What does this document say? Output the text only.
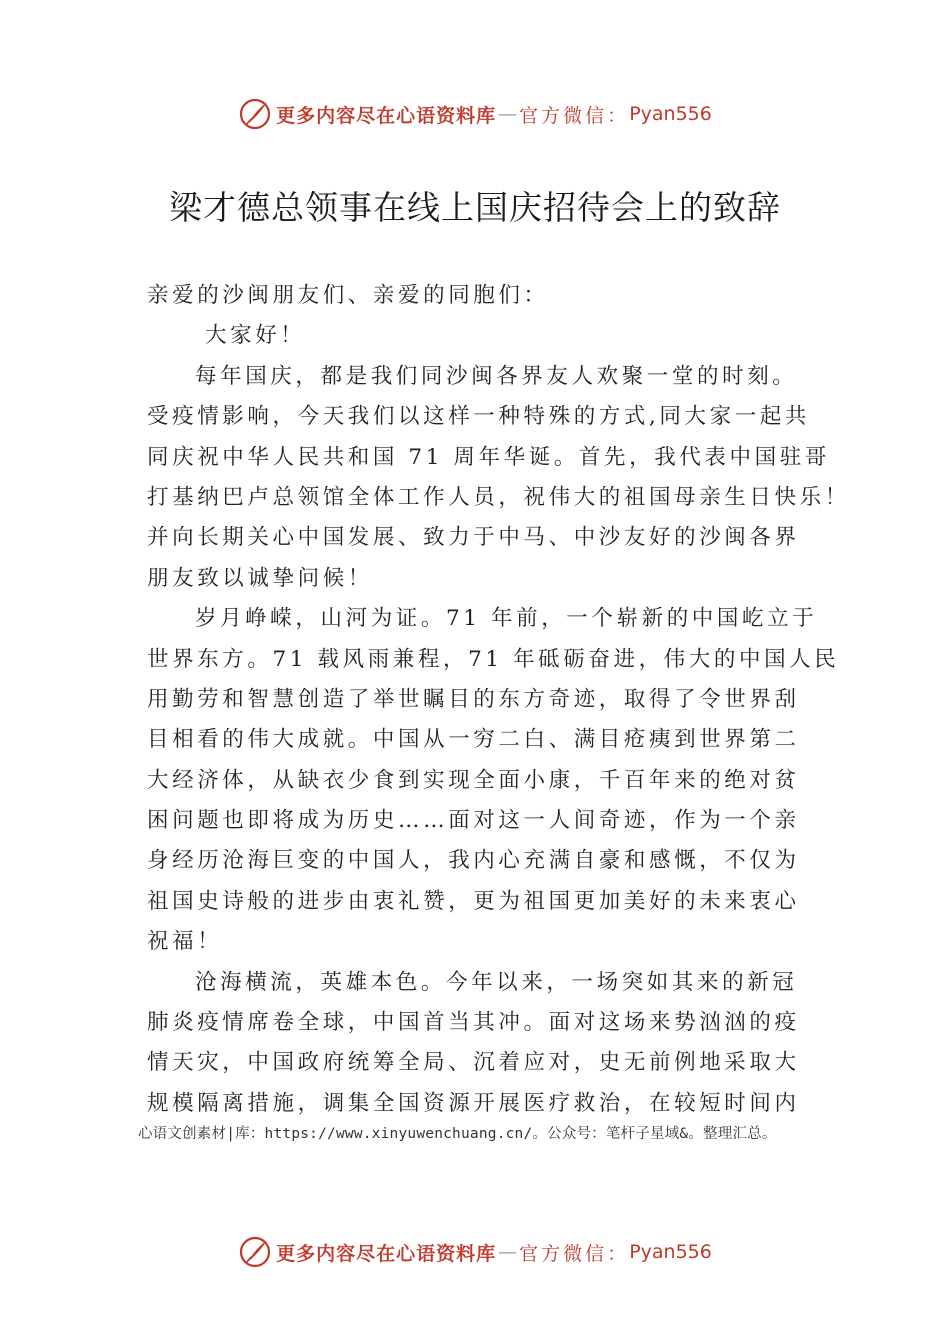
更多内容尽在心语资料库 — 官方微信： Pyan556
梁才德总领事在线上国庆招待会上的致辞
亲爱的沙闽朋友们、亲爱的同胞们：
大家好！
每年国庆，都是我们同沙闽各界友人欢聚一堂的时刻。
受疫情影响，今天我们以这样一种特殊的方式,同大家一起共
同庆祝中华人民共和国 71 周年华诞。首先，我代表中国驻哥
打基纳巴卢总领馆全体工作人员，祝伟大的祖国母亲生日快乐！
并向长期关心中国发展、致力于中马、中沙友好的沙闽各界
朋友致以诚挚问候！
岁月峥嵘，山河为证。71 年前，一个崭新的中国屹立于
世界东方。71 载风雨兼程，71 年砥砺奋进，伟大的中国人民
用勤劳和智慧创造了举世瞩目的东方奇迹，取得了令世界刮
目相看的伟大成就。中国从一穷二白、满目疮痍到世界第二
大经济体，从缺衣少食到实现全面小康，千百年来的绝对贫
困问题也即将成为历史……面对这一人间奇迹，作为一个亲
身经历沧海巨变的中国人，我内心充满自豪和感慨，不仅为
祖国史诗般的进步由衷礼赞，更为祖国更加美好的未来衷心
祝福！
沧海横流，英雄本色。今年以来，一场突如其来的新冠
肺炎疫情席卷全球，中国首当其冲。面对这场来势汹汹的疫
情天灾，中国政府统筹全局、沉着应对，史无前例地采取大
规模隔离措施，调集全国资源开展医疗救治，在较短时间内
心语文创素材|库：https://www.xinyuwenchuang.cn/。公众号：笔杆子星域&。整理汇总。
更多内容尽在心语资料库 — 官方微信： Pyan556
